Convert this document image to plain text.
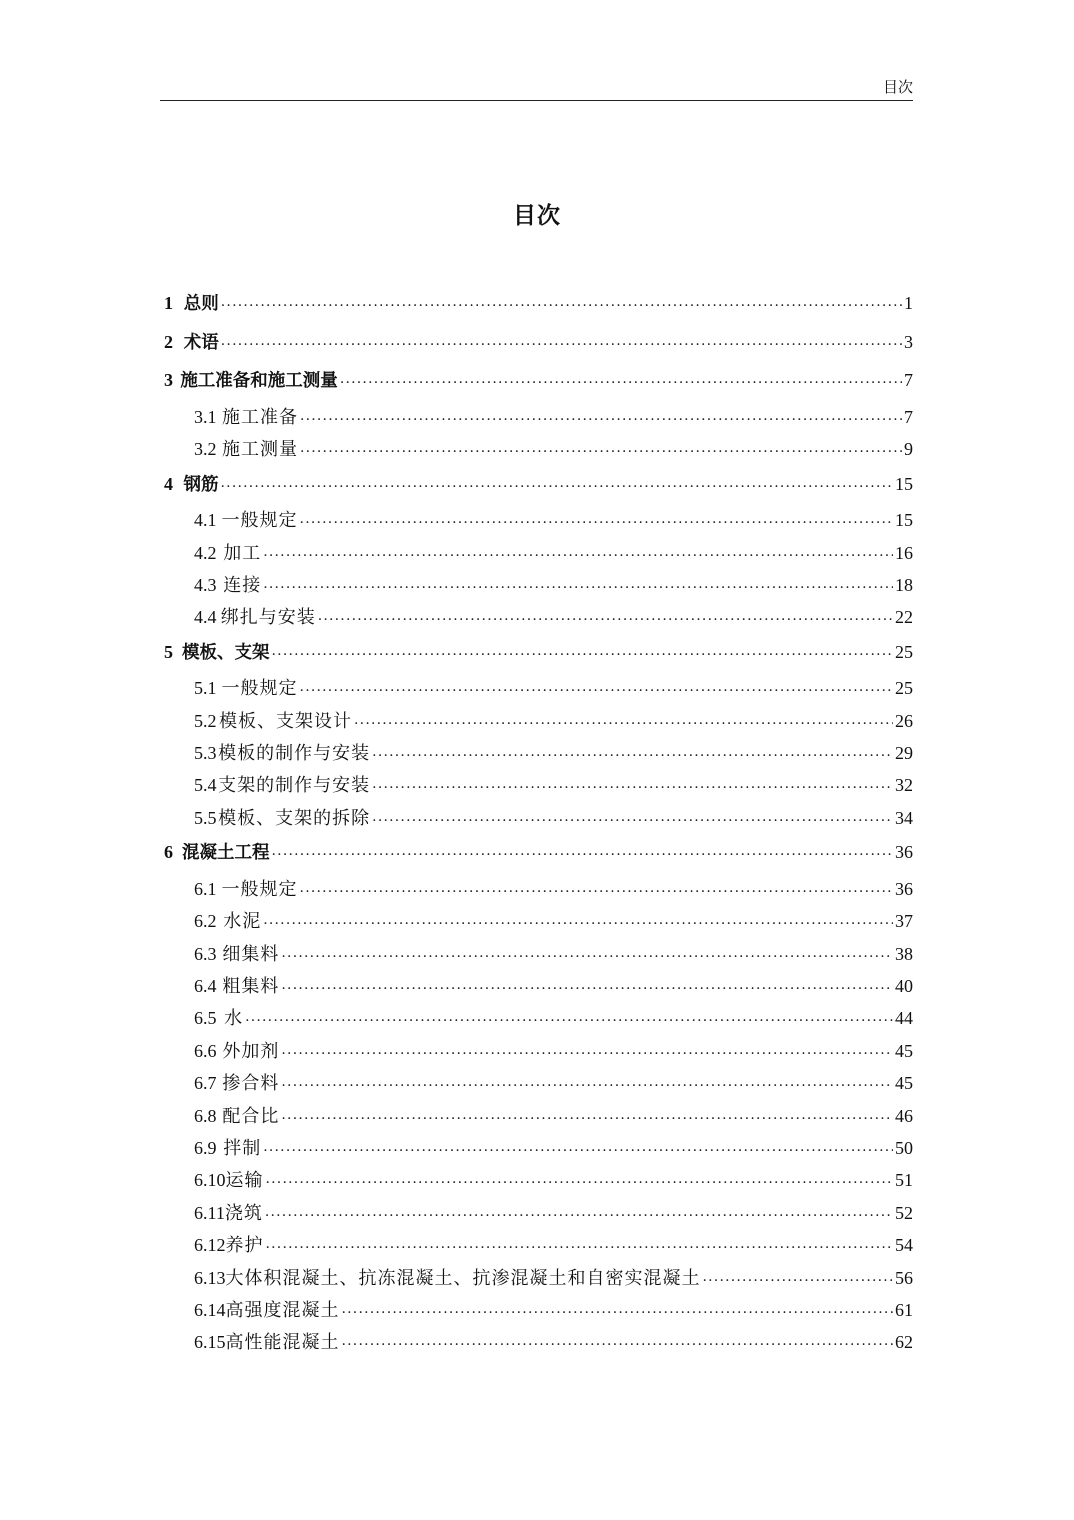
目次
目次
1 总则 ·····	1
2 术语 ·····	3
3 施工准备和施工测量 ·····	7
3.1 施工准备 ·····	7
3.2 施工测量 ·····	9
4 钢筋 ·····	15
4.1 一般规定 ·····	15
4.2 加工 ·····	16
4.3 连接 ·····	18
4.4 绑扎与安装 ·····	22
5 模板、支架 ·····	25
5.1 一般规定 ·····	25
5.2 模板、支架设计 ·····	26
5.3 模板的制作与安装 ·····	29
5.4 支架的制作与安装 ·····	32
5.5 模板、支架的拆除 ·····	34
6 混凝土工程 ·····	36
6.1 一般规定 ·····	36
6.2 水泥 ·····	37
6.3 细集料 ·····	38
6.4 粗集料 ·····	40
6.5 水 ·····	44
6.6 外加剂 ·····	45
6.7 掺合料 ·····	45
6.8 配合比 ·····	46
6.9 拌制 ·····	50
6.10 运输 ·····	51
6.11 浇筑 ·····	52
6.12 养护 ·····	54
6.13 大体积混凝土、抗冻混凝土、抗渗混凝土和自密实混凝土 ·····	56
6.14 高强度混凝土 ·····	61
6.15 高性能混凝土 ·····	62
